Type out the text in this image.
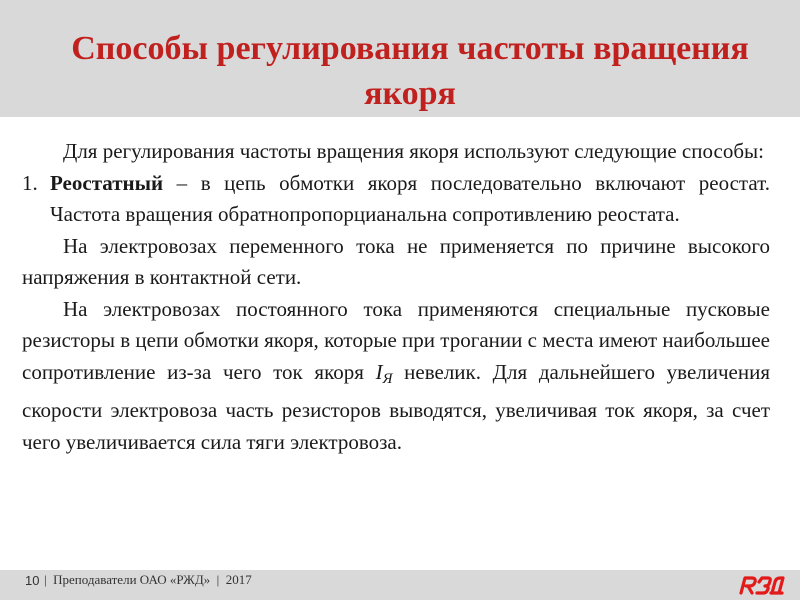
Способы регулирования частоты вращения якоря

Для регулирования частоты вращения якоря используют следующие способы:

1. Реостатный – в цепь обмотки якоря последовательно включают реостат. Частота вращения обратнопропорцианальна сопротивлению реостата.

На электровозах переменного тока не применяется по причине высокого напряжения в контактной сети.

На электровозах постоянного тока применяются специальные пусковые резисторы в цепи обмотки якоря, которые при трогании с места имеют наибольшее сопротивление из-за чего ток якоря $I_Я$ невелик. Для дальнейшего увеличения скорости электровоза часть резисторов выводятся, увеличивая ток якоря, за счет чего увеличивается сила тяги электровоза.

10 |  Преподаватели ОАО «РЖД»  |  2017
